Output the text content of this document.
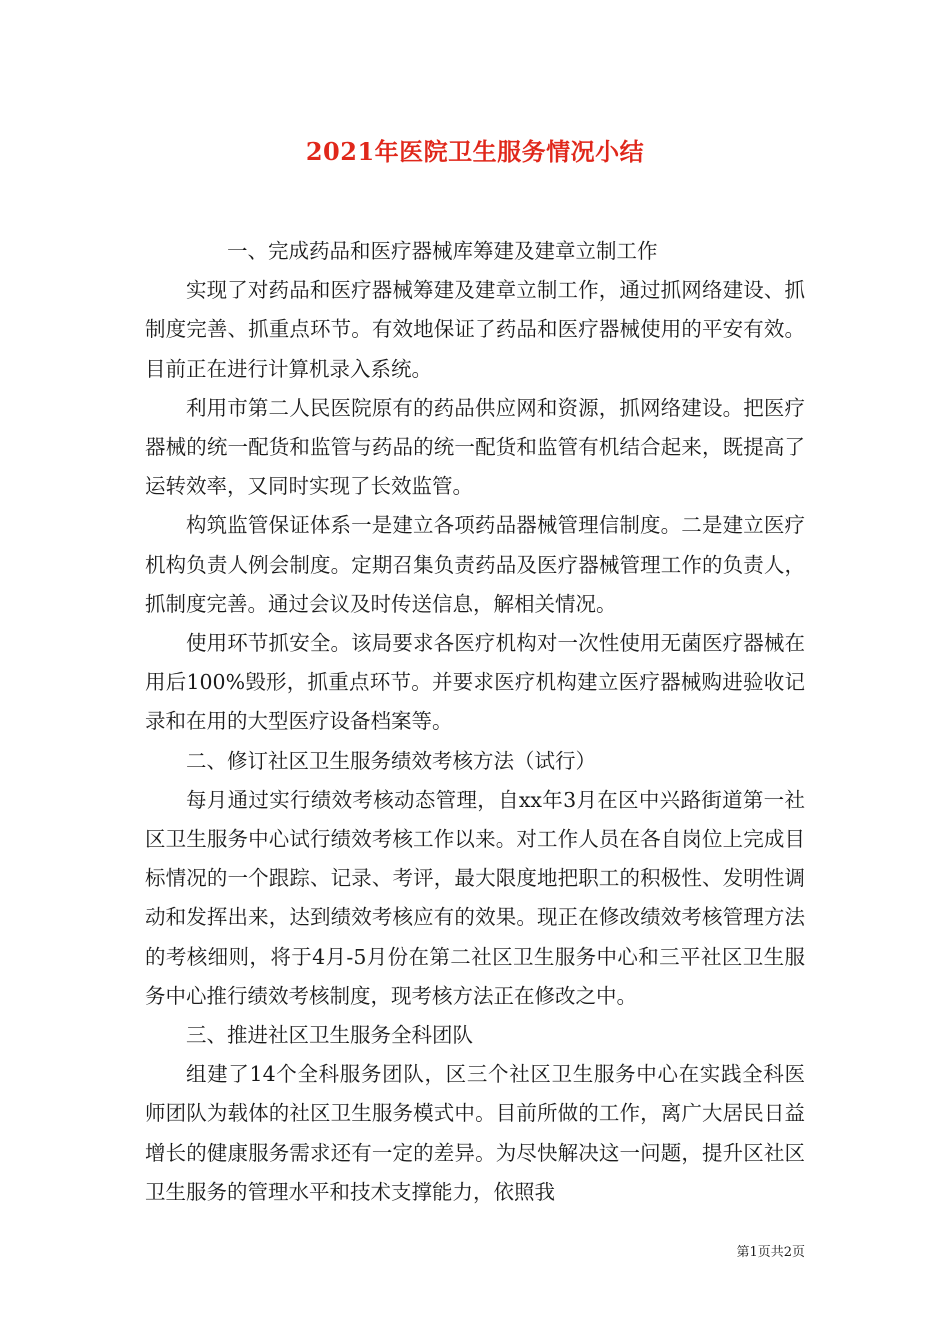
2021年医院卫生服务情况小结

一、完成药品和医疗器械库筹建及建章立制工作

实现了对药品和医疗器械筹建及建章立制工作，通过抓网络建设、抓制度完善、抓重点环节。有效地保证了药品和医疗器械使用的平安有效。目前正在进行计算机录入系统。

利用市第二人民医院原有的药品供应网和资源，抓网络建设。把医疗器械的统一配货和监管与药品的统一配货和监管有机结合起来，既提高了运转效率，又同时实现了长效监管。

构筑监管保证体系一是建立各项药品器械管理信制度。二是建立医疗机构负责人例会制度。定期召集负责药品及医疗器械管理工作的负责人，抓制度完善。通过会议及时传送信息，解相关情况。

使用环节抓安全。该局要求各医疗机构对一次性使用无菌医疗器械在用后100%毁形，抓重点环节。并要求医疗机构建立医疗器械购进验收记录和在用的大型医疗设备档案等。

二、修订社区卫生服务绩效考核方法（试行）

每月通过实行绩效考核动态管理，自xx年3月在区中兴路街道第一社区卫生服务中心试行绩效考核工作以来。对工作人员在各自岗位上完成目标情况的一个跟踪、记录、考评，最大限度地把职工的积极性、发明性调动和发挥出来，达到绩效考核应有的效果。现正在修改绩效考核管理方法的考核细则，将于4月-5月份在第二社区卫生服务中心和三平社区卫生服务中心推行绩效考核制度，现考核方法正在修改之中。

三、推进社区卫生服务全科团队

组建了14个全科服务团队，区三个社区卫生服务中心在实践全科医师团队为载体的社区卫生服务模式中。目前所做的工作，离广大居民日益增长的健康服务需求还有一定的差异。为尽快解决这一问题，提升区社区卫生服务的管理水平和技术支撑能力，依照我

第1页共2页
